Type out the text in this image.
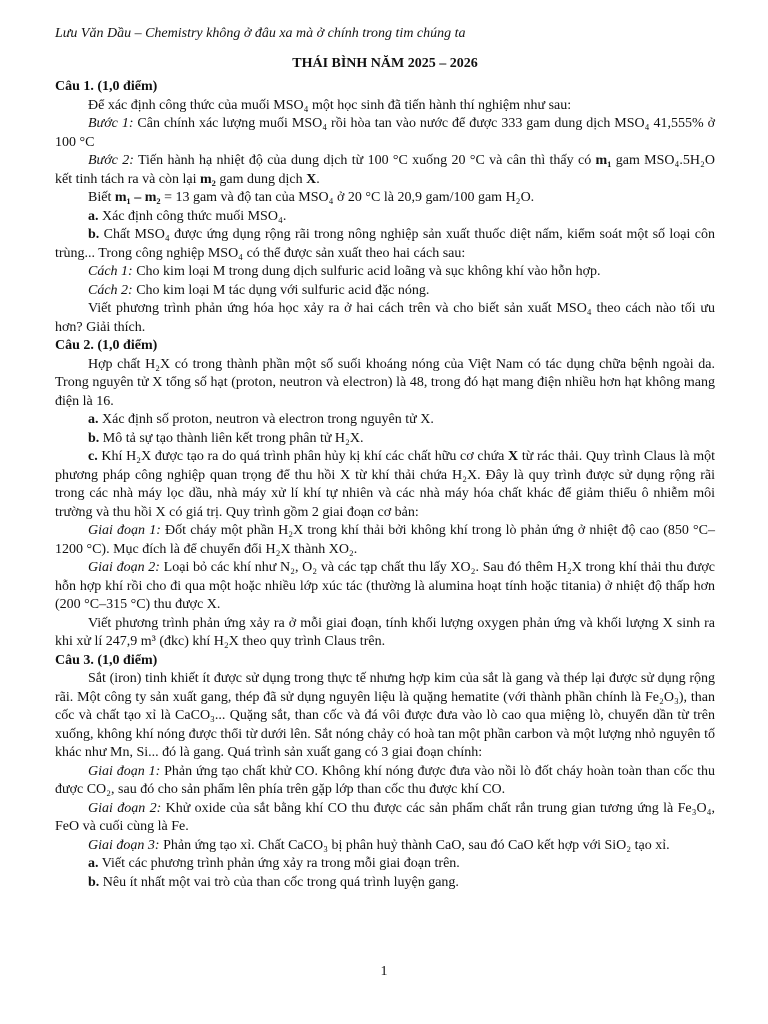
Lưu Văn Dầu – Chemistry không ở đâu xa mà ở chính trong tim chúng ta
THÁI BÌNH NĂM 2025 – 2026
Câu 1. (1,0 điểm)

Để xác định công thức của muối MSO₄ một học sinh đã tiến hành thí nghiệm như sau:

Bước 1: Cân chính xác lượng muối MSO₄ rồi hòa tan vào nước để được 333 gam dung dịch MSO₄ 41,555% ở 100 °C

Bước 2: Tiến hành hạ nhiệt độ của dung dịch từ 100 °C xuống 20 °C và cân thì thấy có m₁ gam MSO₄.5H₂O kết tinh tách ra và còn lại m₂ gam dung dịch X.

Biết m₁ – m₂ = 13 gam và độ tan của MSO₄ ở 20 °C là 20,9 gam/100 gam H₂O.

a. Xác định công thức muối MSO₄.

b. Chất MSO₄ được ứng dụng rộng rãi trong nông nghiệp sản xuất thuốc diệt nấm, kiểm soát một số loại côn trùng... Trong công nghiệp MSO₄ có thể được sản xuất theo hai cách sau:

Cách 1: Cho kim loại M trong dung dịch sulfuric acid loãng và sục không khí vào hỗn hợp.

Cách 2: Cho kim loại M tác dụng với sulfuric acid đặc nóng.

Viết phương trình phản ứng hóa học xảy ra ở hai cách trên và cho biết sản xuất MSO₄ theo cách nào tối ưu hơn? Giải thích.

Câu 2. (1,0 điểm)

Hợp chất H₂X có trong thành phần một số suối khoáng nóng của Việt Nam có tác dụng chữa bệnh ngoài da. Trong nguyên tử X tổng số hạt (proton, neutron và electron) là 48, trong đó hạt mang điện nhiều hơn hạt không mang điện là 16.

a. Xác định số proton, neutron và electron trong nguyên tử X.

b. Mô tả sự tạo thành liên kết trong phân tử H₂X.

c. Khí H₂X được tạo ra do quá trình phân hủy kị khí các chất hữu cơ chứa X từ rác thải. Quy trình Claus là một phương pháp công nghiệp quan trọng để thu hồi X từ khí thải chứa H₂X. Đây là quy trình được sử dụng rộng rãi trong các nhà máy lọc dầu, nhà máy xử lí khí tự nhiên và các nhà máy hóa chất khác để giảm thiểu ô nhiễm môi trường và thu hồi X có giá trị. Quy trình gồm 2 giai đoạn cơ bản:

Giai đoạn 1: Đốt cháy một phần H₂X trong khí thải bởi không khí trong lò phản ứng ở nhiệt độ cao (850 °C–1200 °C). Mục đích là để chuyển đổi H₂X thành XO₂.

Giai đoạn 2: Loại bỏ các khí như N₂, O₂ và các tạp chất thu lấy XO₂. Sau đó thêm H₂X trong khí thải thu được hỗn hợp khí rồi cho đi qua một hoặc nhiều lớp xúc tác (thường là alumina hoạt tính hoặc titania) ở nhiệt độ thấp hơn (200 °C–315 °C) thu được X.

Viết phương trình phản ứng xảy ra ở mỗi giai đoạn, tính khối lượng oxygen phản ứng và khối lượng X sinh ra khi xử lí 247,9 m³ (đkc) khí H₂X theo quy trình Claus trên.

Câu 3. (1,0 điểm)

Sắt (iron) tinh khiết ít được sử dụng trong thực tế nhưng hợp kim của sắt là gang và thép lại được sử dụng rộng rãi. Một công ty sản xuất gang, thép đã sử dụng nguyên liệu là quặng hematite (với thành phần chính là Fe₂O₃), than cốc và chất tạo xỉ là CaCO₃... Quặng sắt, than cốc và đá vôi được đưa vào lò cao qua miệng lò, chuyển dần từ trên xuống, không khí nóng được thổi từ dưới lên. Sắt nóng chảy có hoà tan một phần carbon và một lượng nhỏ nguyên tố khác như Mn, Si... đó là gang. Quá trình sản xuất gang có 3 giai đoạn chính:

Giai đoạn 1: Phản ứng tạo chất khử CO. Không khí nóng được đưa vào nồi lò đốt cháy hoàn toàn than cốc thu được CO₂, sau đó cho sản phẩm lên phía trên gặp lớp than cốc thu được khí CO.

Giai đoạn 2: Khử oxide của sắt bằng khí CO thu được các sản phẩm chất rắn trung gian tương ứng là Fe₃O₄, FeO và cuối cùng là Fe.

Giai đoạn 3: Phản ứng tạo xỉ. Chất CaCO₃ bị phân huỷ thành CaO, sau đó CaO kết hợp với SiO₂ tạo xỉ.

a. Viết các phương trình phản ứng xảy ra trong mỗi giai đoạn trên.

b. Nêu ít nhất một vai trò của than cốc trong quá trình luyện gang.

1
